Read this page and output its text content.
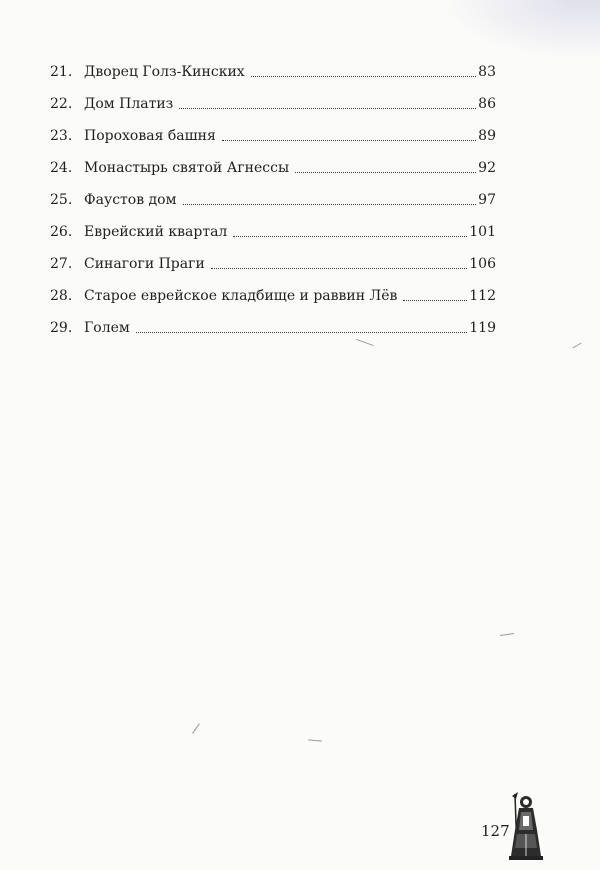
21. Дворец Голз-Кинских	83
22. Дом Платиз	86
23. Пороховая башня	89
24. Монастырь святой Агнессы	92
25. Фаустов дом	97
26. Еврейский квартал	101
27. Синагоги Праги	106
28. Старое еврейское кладбище и раввин Лёв	112
29. Голем	119
127
